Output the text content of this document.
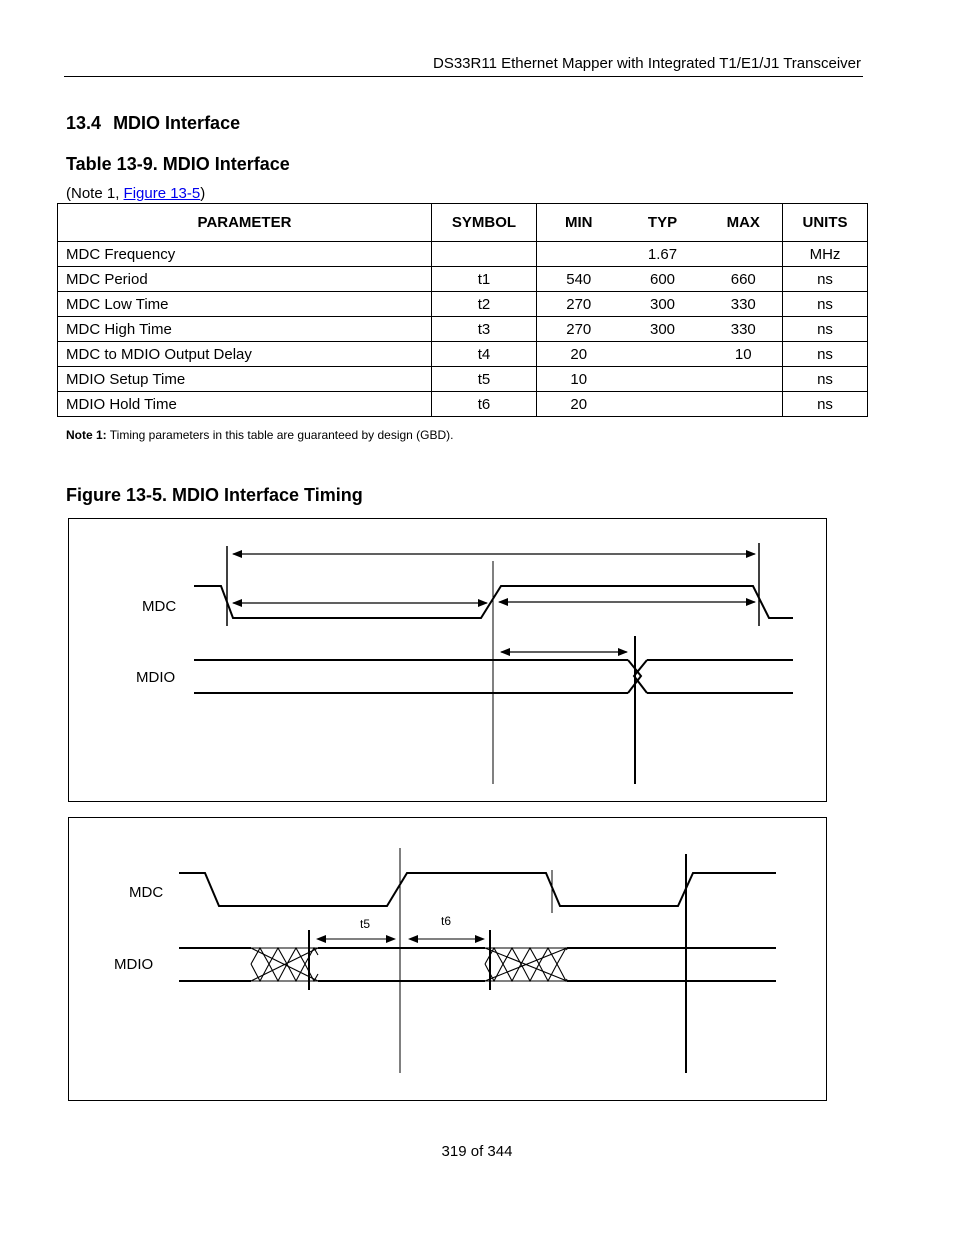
DS33R11 Ethernet Mapper with Integrated T1/E1/J1 Transceiver
13.4 MDIO Interface
Table 13-9. MDIO Interface
(Note 1, Figure 13-5)
PARAMETER	SYMBOL	MIN	TYP	MAX	UNITS
MDC Frequency			1.67		MHz
MDC Period	t1	540	600	660	ns
MDC Low Time	t2	270	300	330	ns
MDC High Time	t3	270	300	330	ns
MDC to MDIO Output Delay	t4	20		10	ns
MDIO Setup Time	t5	10			ns
MDIO Hold Time	t6	20			ns
Note 1: Timing parameters in this table are guaranteed by design (GBD).
Figure 13-5. MDIO Interface Timing
MDC
MDIO
MDC
MDIO
t5	t6
319 of 344
